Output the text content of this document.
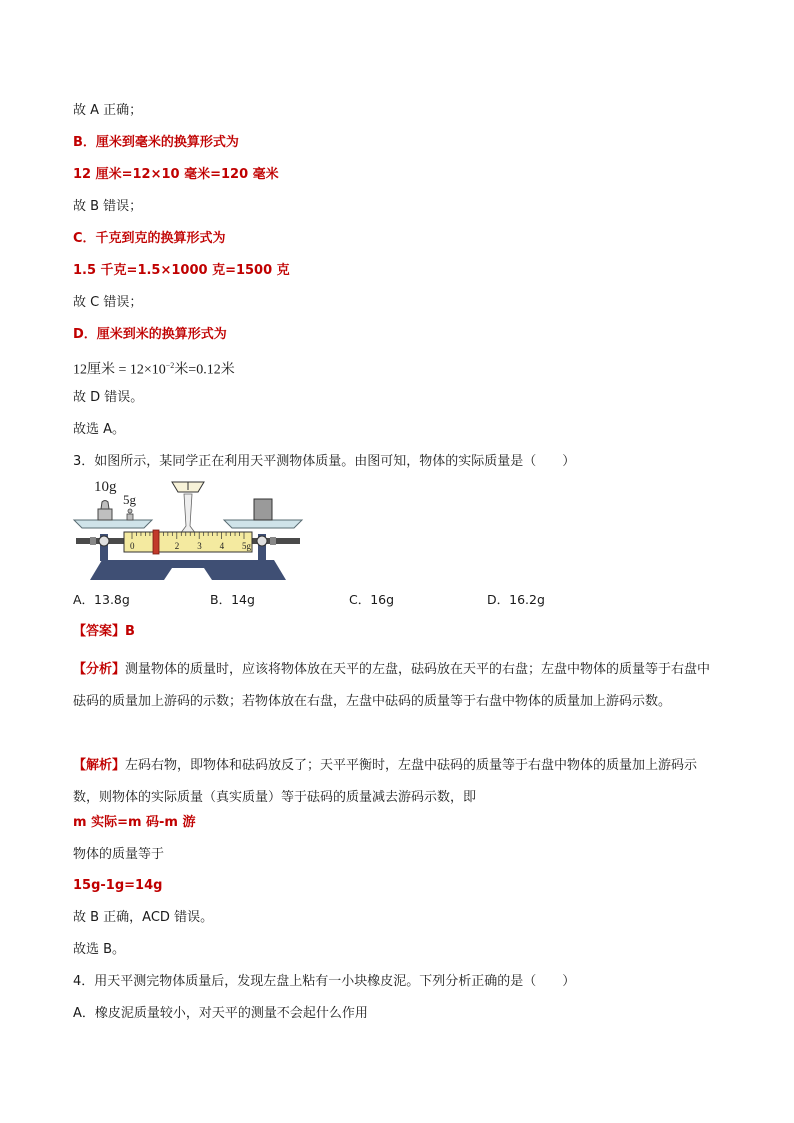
故 A 正确；
B．厘米到毫米的换算形式为
12 厘米=12×10 毫米=120 毫米
故 B 错误；
C．千克到克的换算形式为
1.5 千克=1.5×1000 克=1500 克
故 C 错误；
D．厘米到米的换算形式为
12厘米 = $12\times 10^{-2}$米=0.12米
故 D 错误。
故选 A。
3．如图所示，某同学正在利用天平测物体质量。由图可知，物体的实际质量是（　　）
10g
5g
0	2 3 4 5g
A．13.8g	B．14g	C．16g	D．16.2g
【答案】B
【分析】测量物体的质量时，应该将物体放在天平的左盘，砝码放在天平的右盘；左盘中物体的质量等于右盘中砝码的质量加上游码的示数；若物体放在右盘，左盘中砝码的质量等于右盘中物体的质量加上游码示数。
【解析】左码右物，即物体和砝码放反了；天平平衡时，左盘中砝码的质量等于右盘中物体的质量加上游码示数，则物体的实际质量（真实质量）等于砝码的质量减去游码示数，即
m 实际=m 码-m 游
物体的质量等于
15g-1g=14g
故 B 正确，ACD 错误。
故选 B。
4．用天平测完物体质量后，发现左盘上粘有一小块橡皮泥。下列分析正确的是（　　）
A．橡皮泥质量较小，对天平的测量不会起什么作用
